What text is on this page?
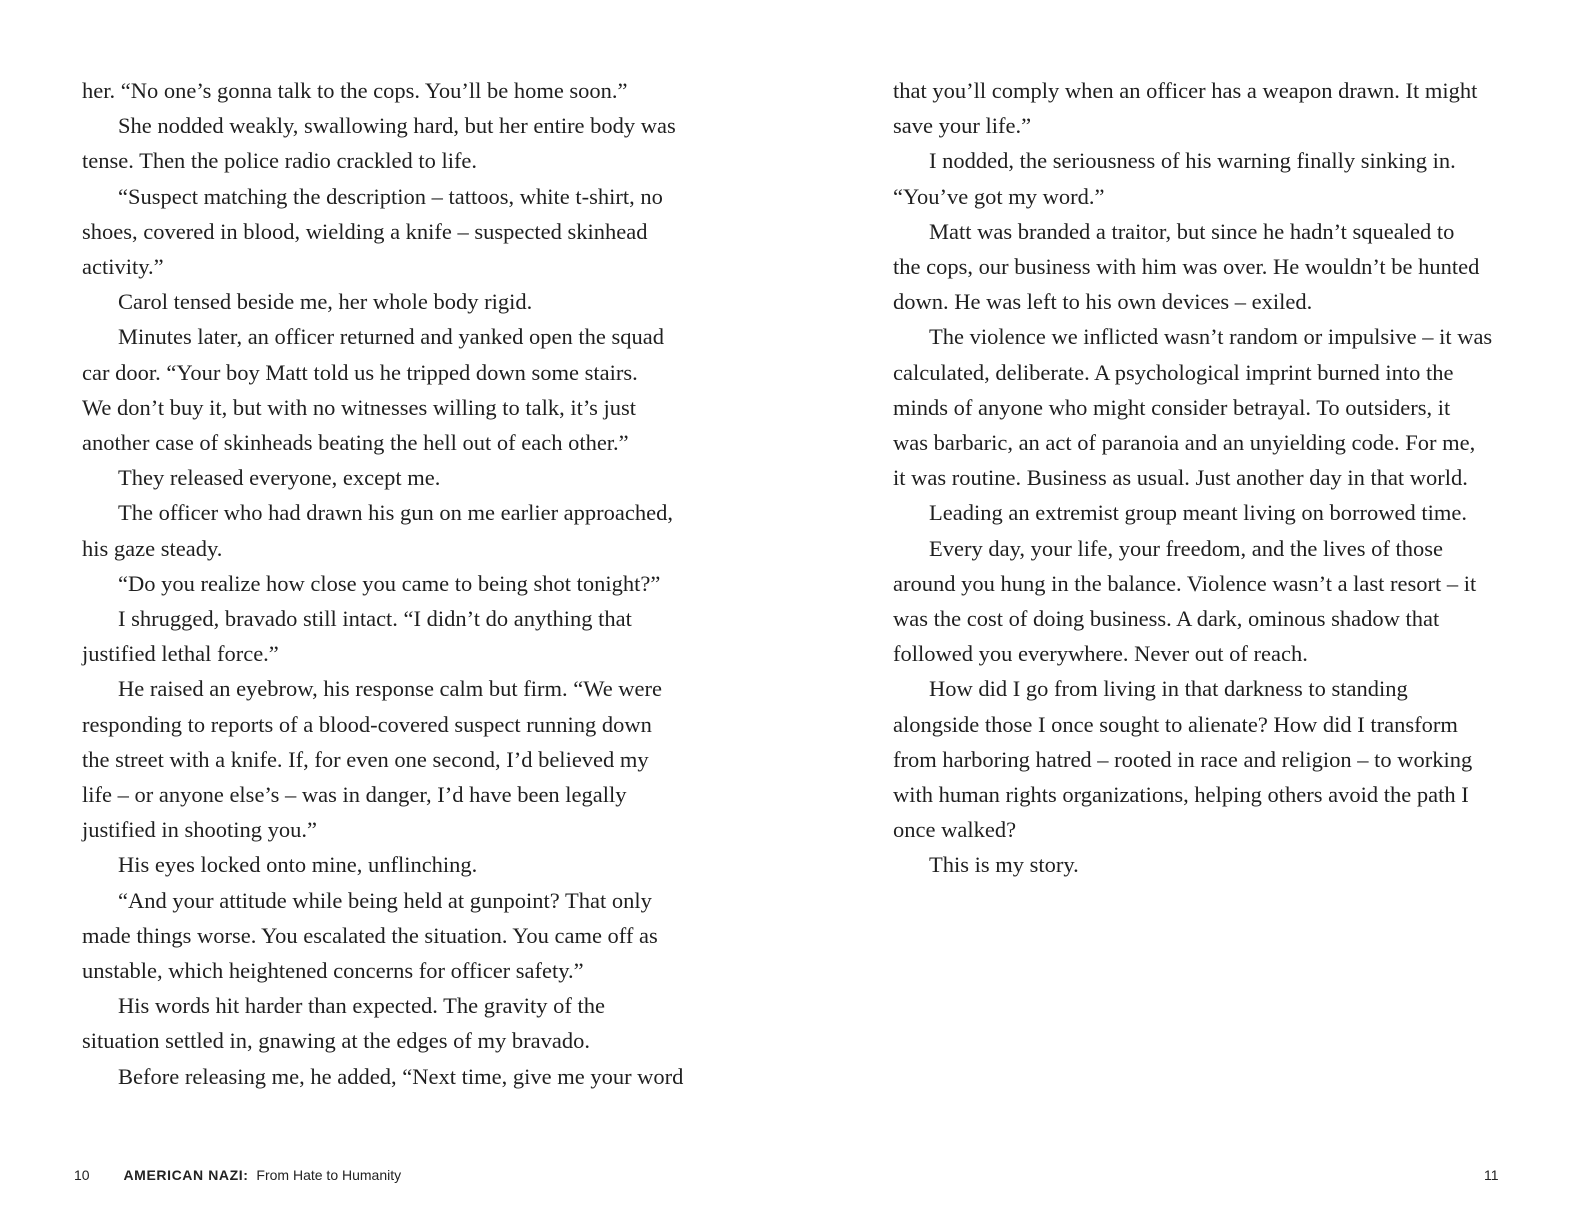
her. “No one’s gonna talk to the cops. You’ll be home soon.”
She nodded weakly, swallowing hard, but her entire body was
tense. Then the police radio crackled to life.
“Suspect matching the description – tattoos, white t-shirt, no
shoes, covered in blood, wielding a knife – suspected skinhead
activity.”
Carol tensed beside me, her whole body rigid.
Minutes later, an officer returned and yanked open the squad
car door. “Your boy Matt told us he tripped down some stairs.
We don’t buy it, but with no witnesses willing to talk, it’s just
another case of skinheads beating the hell out of each other.”
They released everyone, except me.
The officer who had drawn his gun on me earlier approached,
his gaze steady.
“Do you realize how close you came to being shot tonight?”
I shrugged, bravado still intact. “I didn’t do anything that
justified lethal force.”
He raised an eyebrow, his response calm but firm. “We were
responding to reports of a blood-covered suspect running down
the street with a knife. If, for even one second, I’d believed my
life – or anyone else’s – was in danger, I’d have been legally
justified in shooting you.”
His eyes locked onto mine, unflinching.
“And your attitude while being held at gunpoint? That only
made things worse. You escalated the situation. You came off as
unstable, which heightened concerns for officer safety.”
His words hit harder than expected. The gravity of the
situation settled in, gnawing at the edges of my bravado.
Before releasing me, he added, “Next time, give me your word
10 AMERICAN NAZI: From Hate to Humanity
that you’ll comply when an officer has a weapon drawn. It might
save your life.”
I nodded, the seriousness of his warning finally sinking in.
“You’ve got my word.”
Matt was branded a traitor, but since he hadn’t squealed to
the cops, our business with him was over. He wouldn’t be hunted
down. He was left to his own devices – exiled.
The violence we inflicted wasn’t random or impulsive – it was
calculated, deliberate. A psychological imprint burned into the
minds of anyone who might consider betrayal. To outsiders, it
was barbaric, an act of paranoia and an unyielding code. For me,
it was routine. Business as usual. Just another day in that world.
Leading an extremist group meant living on borrowed time.
Every day, your life, your freedom, and the lives of those
around you hung in the balance. Violence wasn’t a last resort – it
was the cost of doing business. A dark, ominous shadow that
followed you everywhere. Never out of reach.
How did I go from living in that darkness to standing
alongside those I once sought to alienate? How did I transform
from harboring hatred – rooted in race and religion – to working
with human rights organizations, helping others avoid the path I
once walked?
This is my story.
11
